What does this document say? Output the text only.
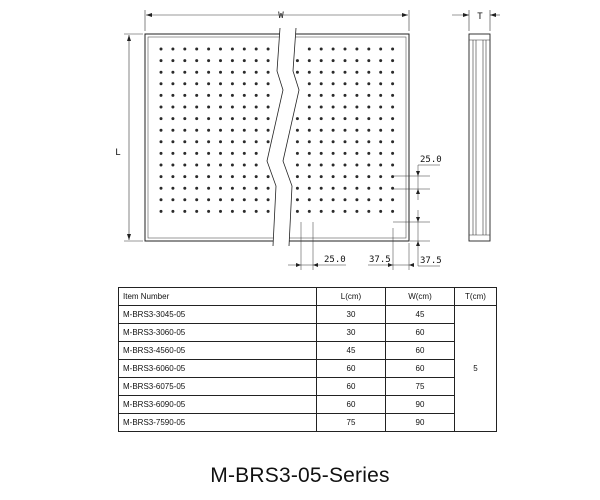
W
L
T
25.0
37.5
25.0	37.5
Item Number	L(cm)	W(cm)	T(cm)
M-BRS3-3045-05	30	45	5
M-BRS3-3060-05	30	60	
M-BRS3-4560-05	45	60	
M-BRS3-6060-05	60	60	
M-BRS3-6075-05	60	75	
M-BRS3-6090-05	60	90	
M-BRS3-7590-05	75	90	
M-BRS3-05-Series
